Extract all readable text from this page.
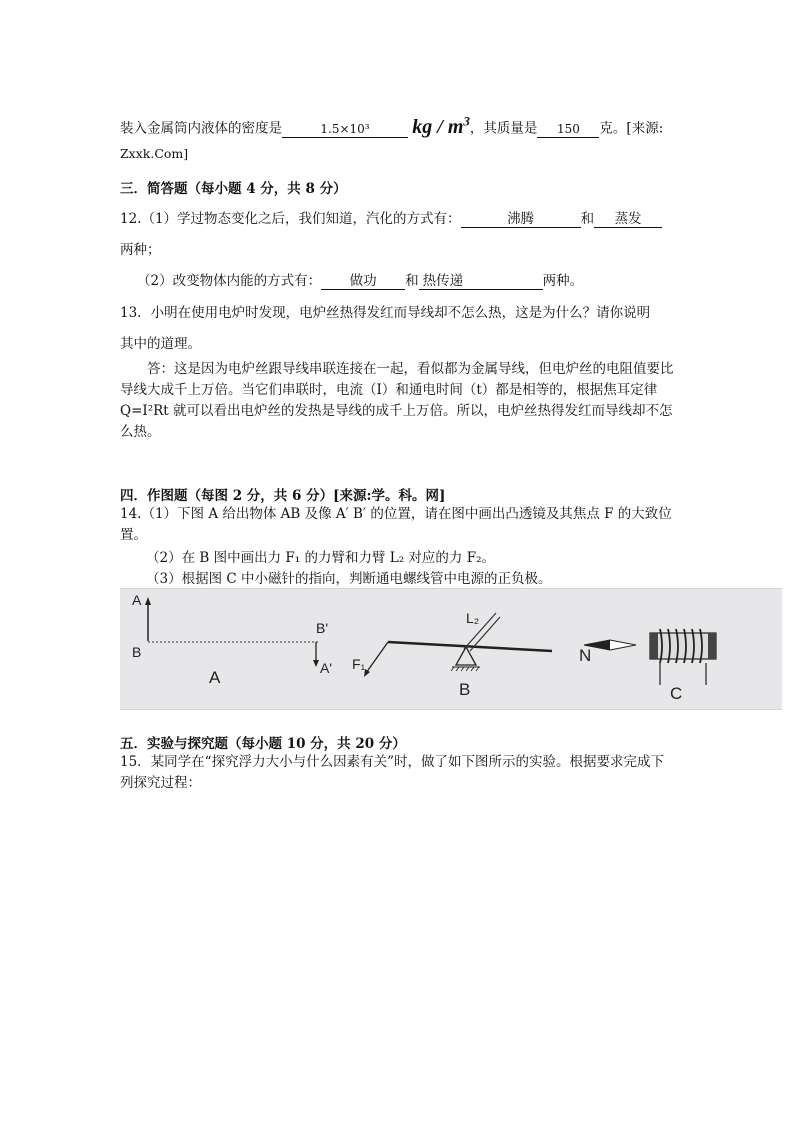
装入金属筒内液体的密度是	1.5×10³ kg / $m^3$，其质量是 150 克。[来源:
Zxxk.Com]
三．简答题（每小题 4 分，共 8 分）
12.（1）学过物态变化之后，我们知道，汽化的方式有：	沸腾	和 蒸发
两种；
（2）改变物体内能的方式有： 做功 和 热传递	两种。
13．小明在使用电炉时发现，电炉丝热得发红而导线却不怎么热，这是为什么？请你说明
其中的道理。
答：这是因为电炉丝跟导线串联连接在一起，看似都为金属导线，但电炉丝的电阻值要比导线大成千上万倍。当它们串联时，电流（I）和通电时间（t）都是相等的，根据焦耳定律 Q=I²Rt 就可以看出电炉丝的发热是导线的成千上万倍。所以，电炉丝热得发红而导线却不怎么热。
四．作图题（每图 2 分，共 6 分）[来源:学。科。网]
14.（1）下图 A 给出物体 AB 及像 A′ B′ 的位置，请在图中画出凸透镜及其焦点 F 的大致位置。
（2）在 B 图中画出力 F₁ 的力臂和力臂 L₂ 对应的力 F₂。
（3）根据图 C 中小磁针的指向，判断通电螺线管中电源的正负极。
A
B
B'
A'
A
L₂
F₁
B
N
C
五．实验与探究题（每小题 10 分，共 20 分）
15．某同学在“探究浮力大小与什么因素有关”时，做了如下图所示的实验。根据要求完成下列探究过程：
